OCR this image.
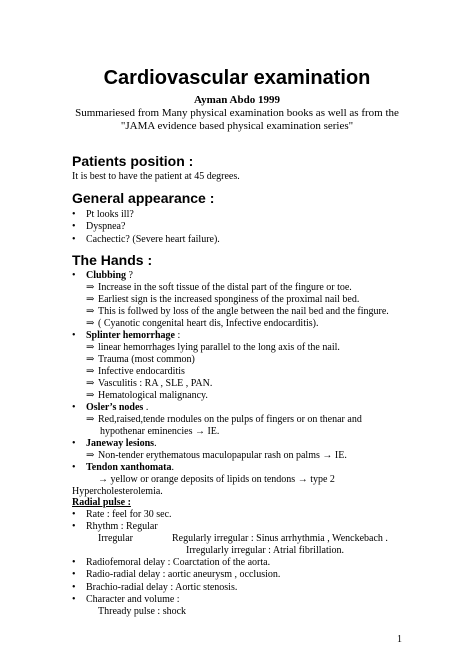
Cardiovascular examination
Ayman Abdo 1999
Summariesed from Many physical examination books as well as from the "JAMA evidence based physical examination series"
Patients position :
It is best to have the patient at 45 degrees.
General appearance :
• Pt looks ill?
• Dyspnea?
• Cachectic? (Severe heart failure).
The Hands :
• Clubbing ?
⇒ Increase in the soft tissue of the distal part of the fingure or toe.
⇒ Earliest sign is the increased sponginess of the proximal nail bed.
⇒ This is follwed by loss of the angle between the nail bed and the fingure.
⇒ ( Cyanotic congenital heart dis, Infective endocarditis).
• Splinter hemorrhage :
⇒ linear hemorrhages lying parallel to the long axis of the nail.
⇒ Trauma (most common)
⇒ Infective endocarditis
⇒ Vasculitis : RA , SLE , PAN.
⇒ Hematological malignancy.
• Osler’s nodes .
⇒ Red,raised,tende rnodules on the pulps of fingers or on thenar and
hypothenar eminencies → IE.
• Janeway lesions.
⇒ Non-tender erythematous maculopapular rash on palms → IE.
• Tendon xanthomata.
→ yellow or orange deposits of lipids on tendons → type 2
Hypercholesterolemia.
Radial pulse :
• Rate : feel for 30 sec.
• Rhythm : Regular
Irregular	Regularly irregular : Sinus arrhythmia , Wenckebach .
Irregularly irregular : Atrial fibrillation.
• Radiofemoral delay : Coarctation of the aorta.
• Radio-radial delay : aortic aneurysm , occlusion.
• Brachio-radial delay : Aortic stenosis.
• Character and volume :
Thready pulse : shock
1
